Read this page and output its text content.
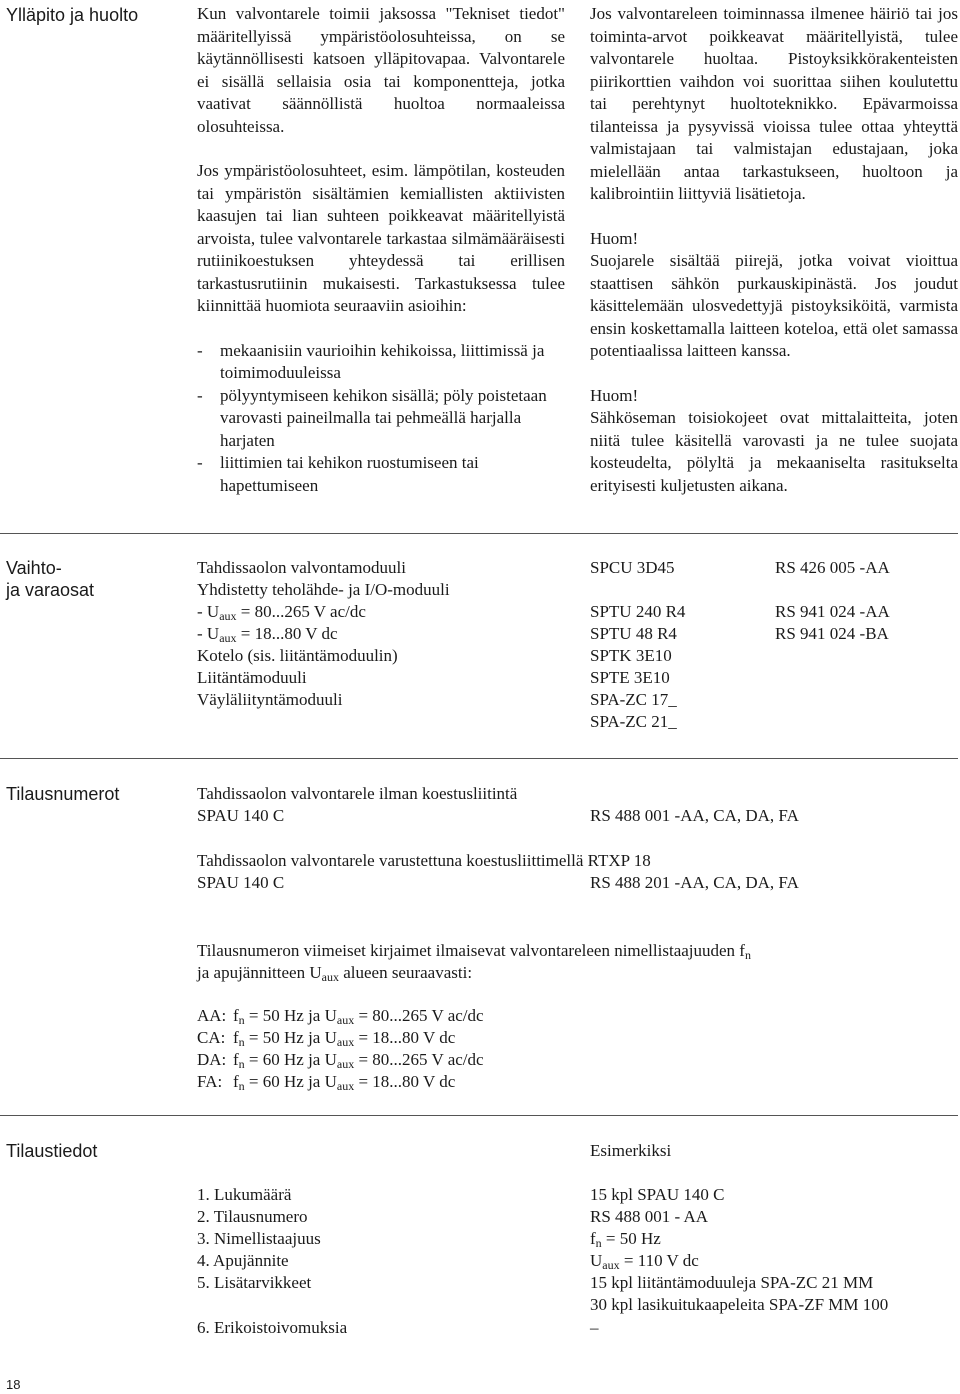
Ylläpito ja huolto	Kun valvontarele toimii jaksossa "Tekniset tiedot" määritellyissä ympäristöolosuhteissa, on se käytännöllisesti katsoen ylläpitovapaa. Valvontarele ei sisällä sellaisia osia tai komponentteja, jotka vaativat säännöllistä huoltoa normaaleissa olosuhteissa.

Jos ympäristöolosuhteet, esim. lämpötilan, kosteuden tai ympäristön sisältämien kemiallisten aktiivisten kaasujen tai lian suhteen poikkeavat määritellyistä arvoista, tulee valvontarele tarkastaa silmämääräisesti rutiinikoestuksen yhteydessä tai erillisen tarkastusrutiinin mukaisesti. Tarkastuksessa tulee kiinnittää huomiota seuraaviin asioihin:

- mekaanisiin vaurioihin kehikoissa, liittimissä ja toimimoduuleissa
- pölyyntymiseen kehikon sisällä; pöly poistetaan varovasti paineilmalla tai pehmeällä harjalla harjaten
- liittimien tai kehikon ruostumiseen tai hapettumiseen

Jos valvontareleen toiminnassa ilmenee häiriö tai jos toiminta-arvot poikkeavat määritellyistä, tulee valvontarele huoltaa. Pistoyksikkörakenteisten piirikorttien vaihdon voi suorittaa siihen koulutettu tai perehtynyt huoltoteknikko. Epävarmoissa tilanteissa ja pysyvissä vioissa tulee ottaa yhteyttä valmistajaan tai valmistajan edustajaan, joka mielellään antaa tarkastukseen, huoltoon ja kalibrointiin liittyviä lisätietoja.

Huom!

Suojarele sisältää piirejä, jotka voivat vioittua staattisen sähkön purkauskipinästä. Jos joudut käsittelemään ulosvedettyjä pistoyksiköitä, varmista ensin koskettamalla laitteen koteloa, että olet samassa potentiaalissa laitteen kanssa.

Huom!

Sähköseman toisiokojeet ovat mittalaitteita, joten niitä tulee käsitellä varovasti ja ne tulee suojata kosteudelta, pölyltä ja mekaaniselta rasitukselta erityisesti kuljetusten aikana.

Vaihto-
ja varaosat
Tahdissaolon valvontamoduuli	SPCU 3D45	RS 426 005 -AA
Yhdistetty teholähde- ja I/O-moduuli
- $U_{aux} = 80...265$ V ac/dc	SPTU 240 R4	RS 941 024 -AA
- $U_{aux} = 18...80$ V dc	SPTU 48 R4	RS 941 024 -BA
Kotelo (sis. liitäntämoduulin)	SPTK 3E10
Liitäntämoduuli	SPTE 3E10
Väyläliityntämoduuli	SPA-ZC 17_
SPA-ZC 21_
Tilausnumerot	Tahdissaolon valvontarele ilman koestusliitintä
SPAU 140 C	RS 488 001 -AA, CA, DA, FA
Tahdissaolon valvontarele varustettuna koestusliittimellä RTXP 18
SPAU 140 C	RS 488 201 -AA, CA, DA, FA
Tilausnumeron viimeiset kirjaimet ilmaisevat valvontareleen nimellistaajuuden $f_n$
ja apujännitteen $U_{aux}$ alueen seuraavasti:
AA: $f_n = 50$ Hz ja $U_{aux} = 80...265$ V ac/dc
CA: $f_n = 50$ Hz ja $U_{aux} = 18...80$ V dc
DA: $f_n = 60$ Hz ja $U_{aux} = 80...265$ V ac/dc
FA: $f_n = 60$ Hz ja $U_{aux} = 18...80$ V dc
Tilaustiedot	Esimerkiksi
1. Lukumäärä	15 kpl SPAU 140 C
2. Tilausnumero	RS 488 001 - AA
3. Nimellistaajuus	$f_n = 50$ Hz
4. Apujännite	$U_{aux} = 110$ V dc
5. Lisätarvikkeet	15 kpl liitäntämoduuleja SPA-ZC 21 MM
30 kpl lasikuitukaapeleita SPA-ZF MM 100
6. Erikoistoivomuksia	–
18
